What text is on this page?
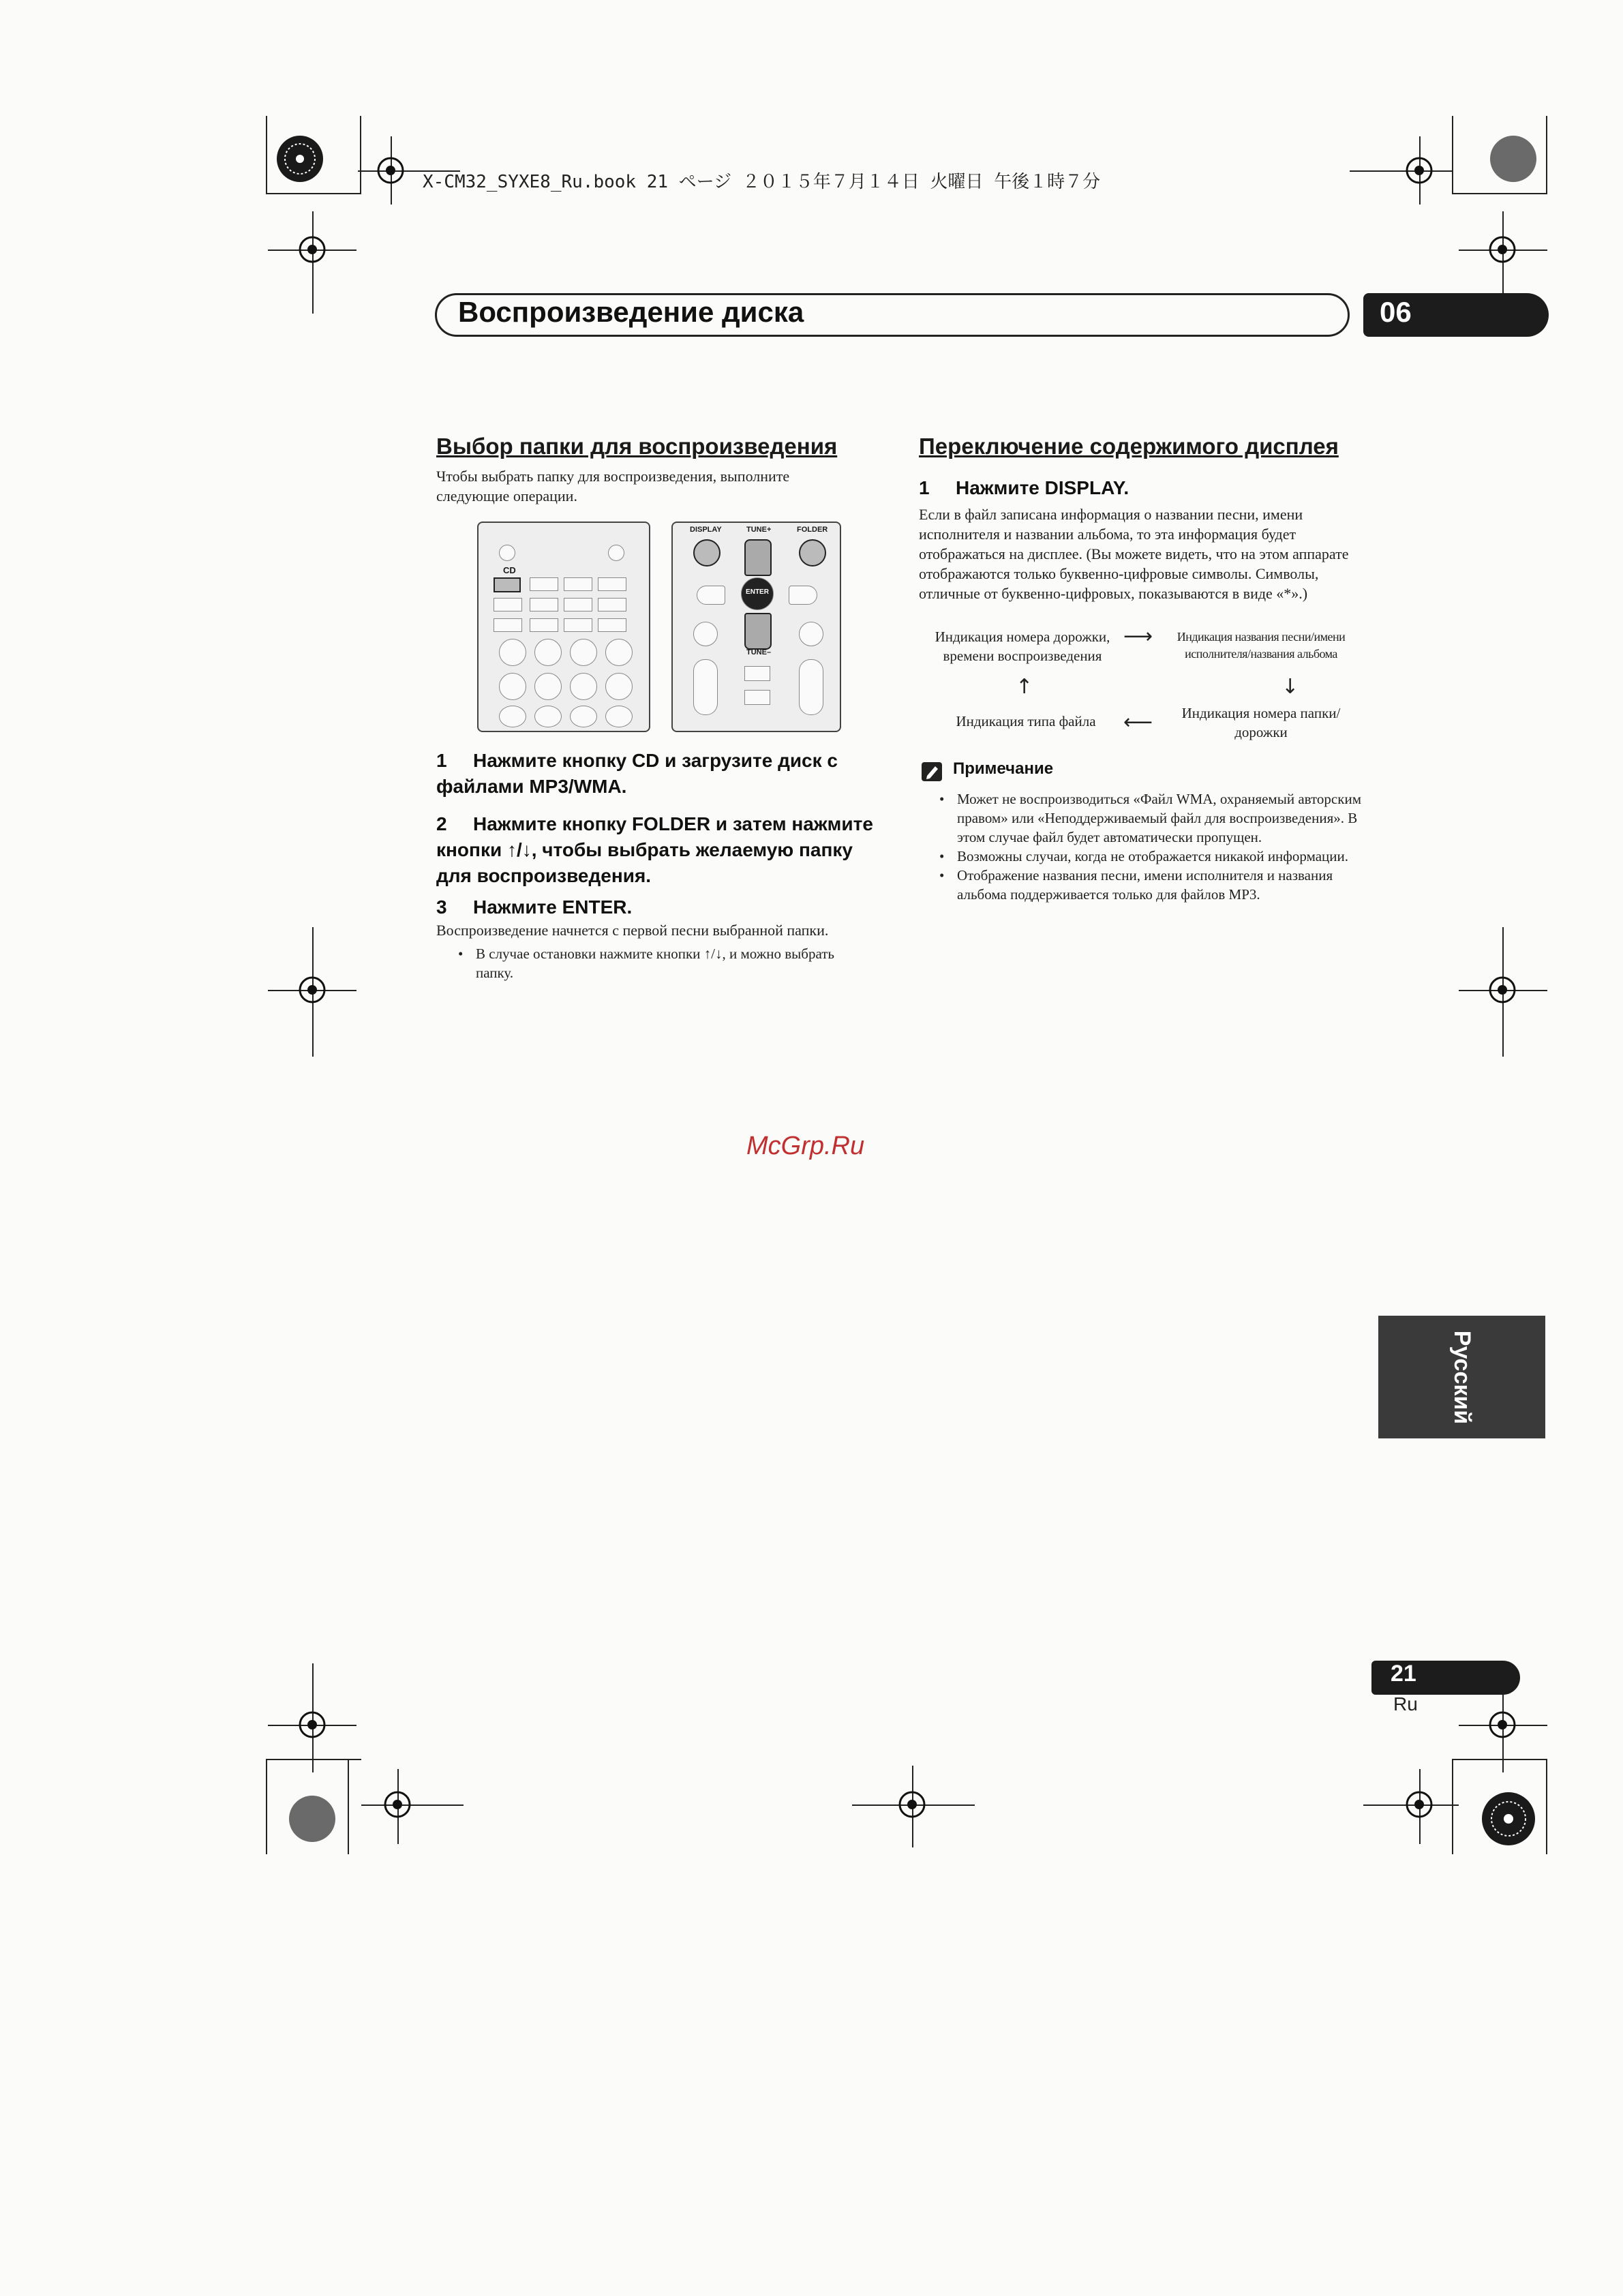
X-CM32_SYXE8_Ru.book 21 ページ ２０１５年７月１４日 火曜日 午後１時７分
Воспроизведение диска	06
Выбор папки для воспроизведения
Чтобы выбрать папку для воспроизведения, выполните следующие операции.
CD
DISPLAY	TUNE+	FOLDER
ENTER
TUNE–
1 Нажмите кнопку CD и загрузите диск с файлами MP3/WMA.
2 Нажмите кнопку FOLDER и затем нажмите кнопки ↑/↓, чтобы выбрать желаемую папку для воспроизведения.
3 Нажмите ENTER.
Воспроизведение начнется с первой песни выбранной папки.
• В случае остановки нажмите кнопки ↑/↓, и можно выбрать папку.
Переключение содержимого дисплея
1 Нажмите DISPLAY.
Если в файл записана информация о названии песни, имени исполнителя и названии альбома, то эта информация будет отображаться на дисплее. (Вы можете видеть, что на этом аппарате отображаются только буквенно-цифровые символы. Символы, отличные от буквенно-цифровых, показываются в виде «*».)
Индикация номера дорожки, времени воспроизведения
⟶	Индикация названия песни/имени исполнителя/названия альбома
↑	↓
Индикация типа файла	⟵	Индикация номера папки/дорожки
Примечание
• Может не воспроизводиться «Файл WMA, охраняемый авторским правом» или «Неподдерживаемый файл для воспроизведения». В этом случае файл будет автоматически пропущен.
• Возможны случаи, когда не отображается никакой информации.
• Отображение названия песни, имени исполнителя и названия альбома поддерживается только для файлов MP3.
McGrp.Ru
Русский
21
Ru
